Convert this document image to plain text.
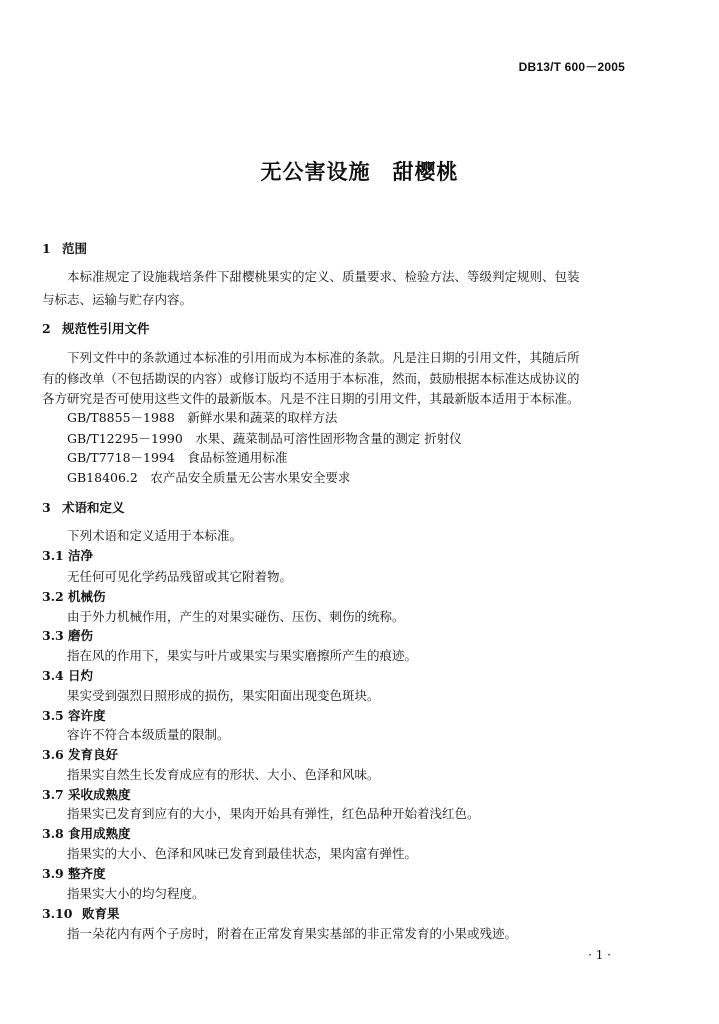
DB13/T 600－2005
无公害设施　甜樱桃
1 范围
本标准规定了设施栽培条件下甜樱桃果实的定义、质量要求、检验方法、等级判定规则、包装
与标志、运输与贮存内容。
2 规范性引用文件
下列文件中的条款通过本标准的引用而成为本标准的条款。凡是注日期的引用文件，其随后所
有的修改单（不包括勘误的内容）或修订版均不适用于本标准，然而，鼓励根据本标准达成协议的
各方研究是否可使用这些文件的最新版本。凡是不注日期的引用文件，其最新版本适用于本标准。
GB/T8855－1988　新鲜水果和蔬菜的取样方法
GB/T12295－1990　水果、蔬菜制品可溶性固形物含量的测定 折射仪
GB/T7718－1994　食品标签通用标准
GB18406.2　农产品安全质量无公害水果安全要求
3 术语和定义
下列术语和定义适用于本标准。
3.1 洁净
无任何可见化学药品残留或其它附着物。
3.2 机械伤
由于外力机械作用，产生的对果实碰伤、压伤、刺伤的统称。
3.3 磨伤
指在风的作用下，果实与叶片或果实与果实磨擦所产生的痕迹。
3.4 日灼
果实受到强烈日照形成的损伤，果实阳面出现变色斑块。
3.5 容许度
容许不符合本级质量的限制。
3.6 发育良好
指果实自然生长发育成应有的形状、大小、色泽和风味。
3.7 采收成熟度
指果实已发育到应有的大小，果肉开始具有弹性，红色品种开始着浅红色。
3.8 食用成熟度
指果实的大小、色泽和风味已发育到最佳状态，果肉富有弹性。
3.9 整齐度
指果实大小的均匀程度。
3.10 败育果
指一朵花内有两个子房时，附着在正常发育果实基部的非正常发育的小果或残迹。
· 1 ·
